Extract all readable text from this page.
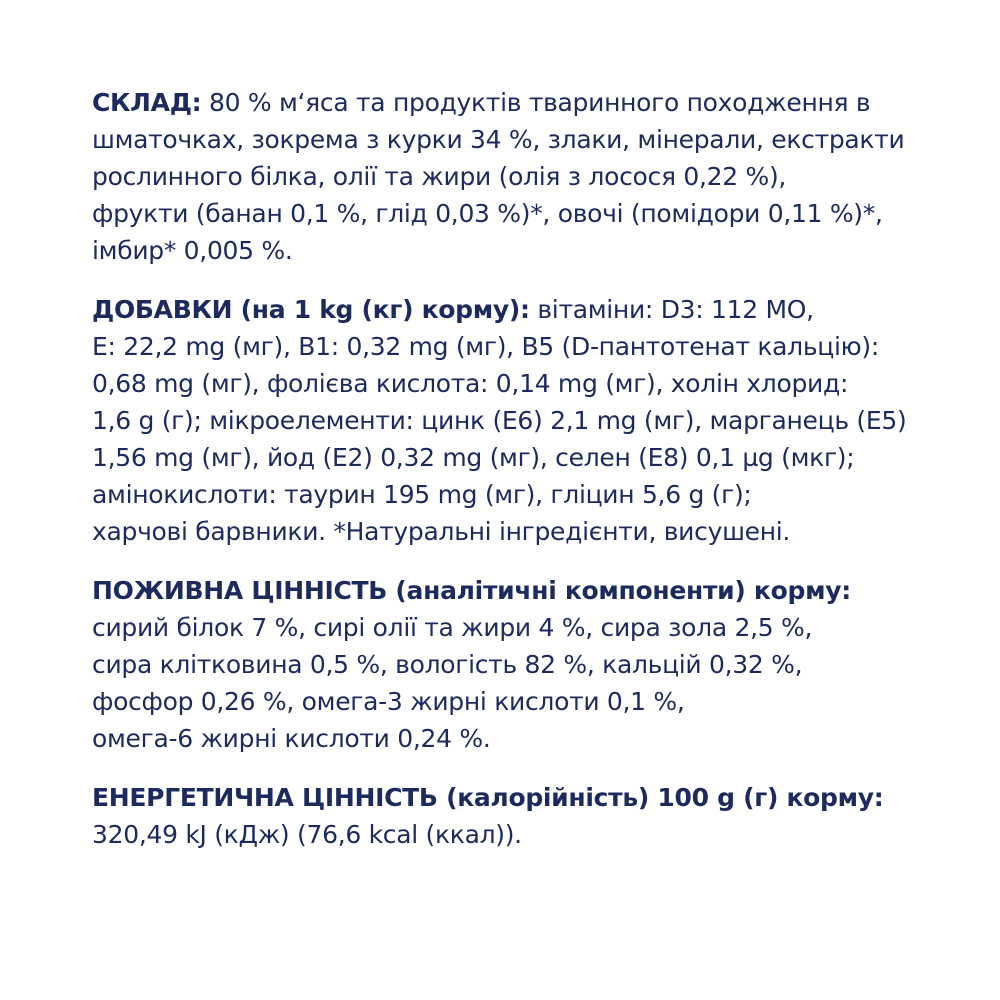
СКЛАД: 80 % м‘яса та продуктів тваринного походження в
шматочках, зокрема з курки 34 %, злаки, мінерали, екстракти
рослинного білка, олії та жири (олія з лосося 0,22 %),
фрукти (банан 0,1 %, глід 0,03 %)*, овочі (помідори 0,11 %)*,
імбир* 0,005 %.
ДОБАВКИ (на 1 kg (кг) корму): вітаміни: D3: 112 МО,
E: 22,2 mg (мг), B1: 0,32 mg (мг), B5 (D-пантотенат кальцію):
0,68 mg (мг), фолієва кислота: 0,14 mg (мг), холін хлорид:
1,6 g (г); мікроелементи: цинк (E6) 2,1 mg (мг), марганець (E5)
1,56 mg (мг), йод (E2) 0,32 mg (мг), селен (E8) 0,1 µg (мкг);
амінокислоти: таурин 195 mg (мг), гліцин 5,6 g (г);
харчові барвники. *Натуральні інгредієнти, висушені.
ПОЖИВНА ЦІННІСТЬ (аналітичні компоненти) корму:
сирий білок 7 %, сирі олії та жири 4 %, сира зола 2,5 %,
сира клітковина 0,5 %, вологість 82 %, кальцій 0,32 %,
фосфор 0,26 %, омега-3 жирні кислоти 0,1 %,
омега-6 жирні кислоти 0,24 %.
ЕНЕРГЕТИЧНА ЦІННІСТЬ (калорійність) 100 g (г) корму:
320,49 kJ (кДж) (76,6 kcal (ккал)).
